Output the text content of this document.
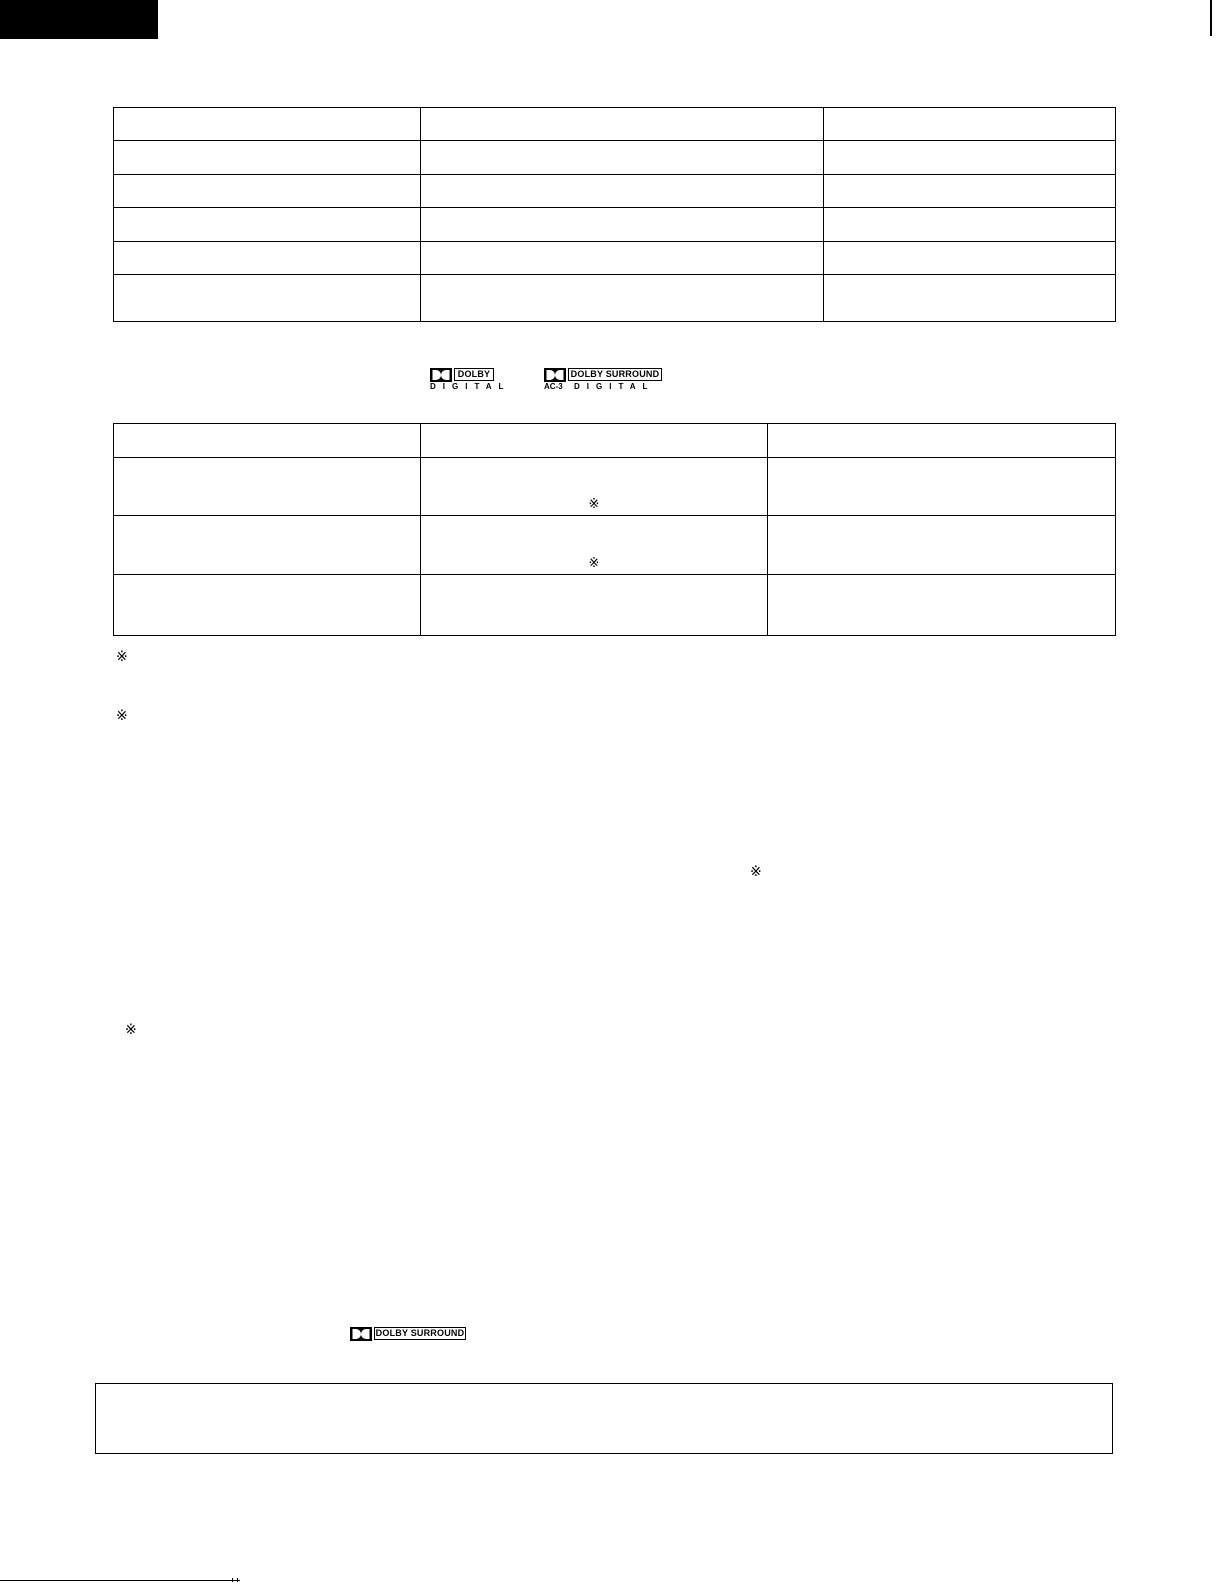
DOLBY
DIGITAL
DOLBY SURROUND
AC-3 DIGITAL

	※	

	※	

※
※
※
※
DOLBY SURROUND
